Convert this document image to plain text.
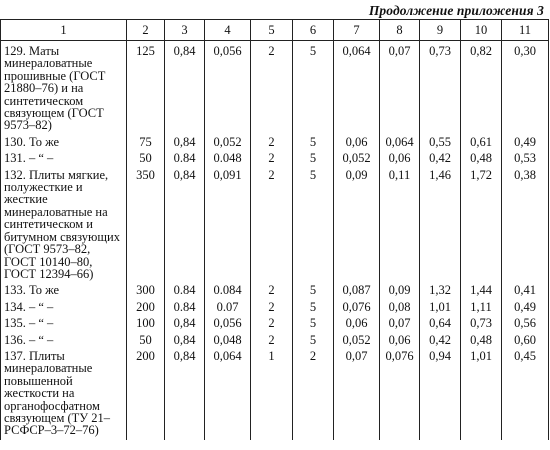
Продолжение приложения 3
1	2	3	4	5	6	7	8	9	10	11
129. Маты минераловатные прошивные (ГОСТ 21880–76) и на синтетическом связующем (ГОСТ 9573–82)	125	0,84	0,056	2	5	0,064	0,07	0,73	0,82	0,30
130. То же	75	0,84	0,052	2	5	0,06	0,064	0,55	0,61	0,49
131. – “ –	50	0.84	0.048	2	5	0,052	0,06	0,42	0,48	0,53
132. Плиты мягкие, полужесткие и жесткие минераловатные на синтетическом и битумном связующих (ГОСТ 9573–82, ГОСТ 10140–80, ГОСТ 12394–66)	350	0,84	0,091	2	5	0,09	0,11	1,46	1,72	0,38
133. То же	300	0.84	0.084	2	5	0,087	0,09	1,32	1,44	0,41
134. – “ –	200	0.84	0.07	2	5	0,076	0,08	1,01	1,11	0,49
135. – “ –	100	0,84	0,056	2	5	0,06	0,07	0,64	0,73	0,56
136. – “ –	50	0,84	0,048	2	5	0,052	0,06	0,42	0,48	0,60
137. Плиты минераловатные повышенной жесткости на органофосфатном связующем (ТУ 21–РСФСР–3–72–76)	200	0,84	0,064	1	2	0,07	0,076	0,94	1,01	0,45
